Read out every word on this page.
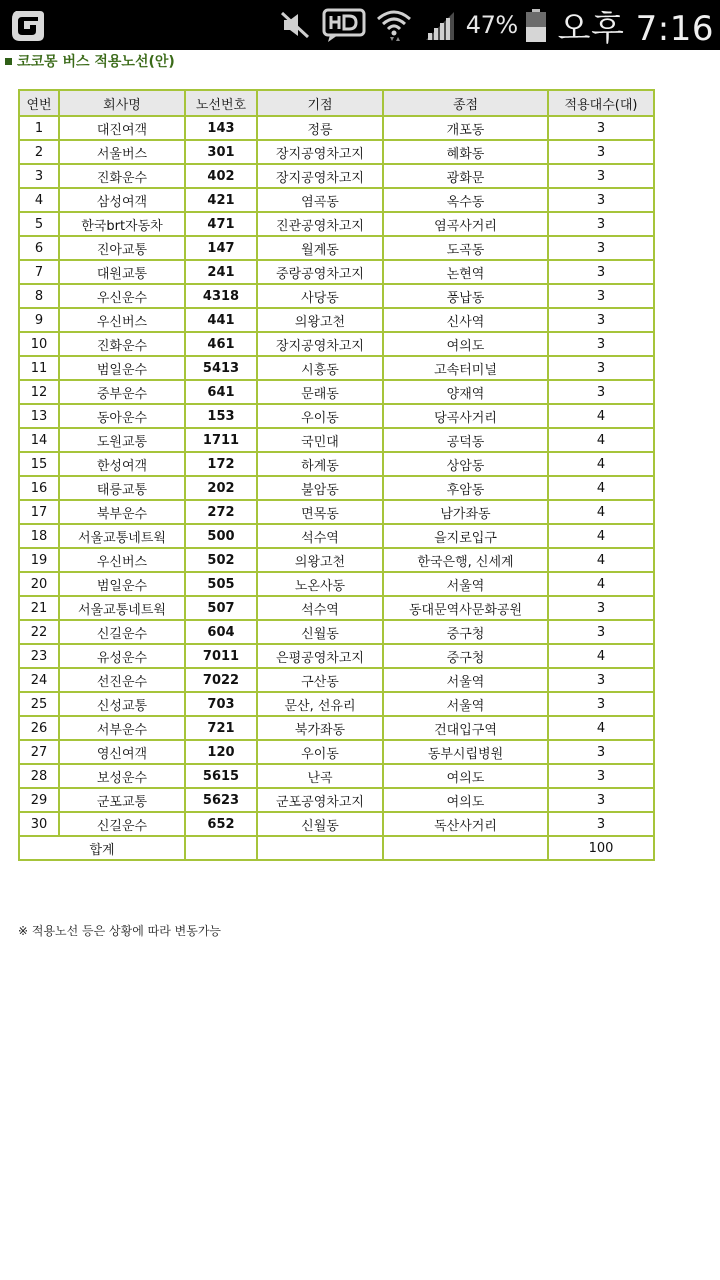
47% 오후 7:16
코코몽 버스 적용노선(안)
연번	회사명	노선번호	기점	종점	적용대수(대)
1	대진여객	143	정릉	개포동	3
2	서울버스	301	장지공영차고지	혜화동	3
3	진화운수	402	장지공영차고지	광화문	3
4	삼성여객	421	염곡동	옥수동	3
5	한국brt자동차	471	진관공영차고지	염곡사거리	3
6	진아교통	147	월계동	도곡동	3
7	대원교통	241	중랑공영차고지	논현역	3
8	우신운수	4318	사당동	풍납동	3
9	우신버스	441	의왕고천	신사역	3
10	진화운수	461	장지공영차고지	여의도	3
11	범일운수	5413	시흥동	고속터미널	3
12	중부운수	641	문래동	양재역	3
13	동아운수	153	우이동	당곡사거리	4
14	도원교통	1711	국민대	공덕동	4
15	한성여객	172	하계동	상암동	4
16	태릉교통	202	불암동	후암동	4
17	북부운수	272	면목동	남가좌동	4
18	서울교통네트웍	500	석수역	을지로입구	4
19	우신버스	502	의왕고천	한국은행, 신세계	4
20	범일운수	505	노온사동	서울역	4
21	서울교통네트웍	507	석수역	동대문역사문화공원	3
22	신길운수	604	신월동	중구청	3
23	유성운수	7011	은평공영차고지	중구청	4
24	선진운수	7022	구산동	서울역	3
25	신성교통	703	문산, 선유리	서울역	3
26	서부운수	721	북가좌동	건대입구역	4
27	영신여객	120	우이동	동부시립병원	3
28	보성운수	5615	난곡	여의도	3
29	군포교통	5623	군포공영차고지	여의도	3
30	신길운수	652	신월동	독산사거리	3
합계					100
※ 적용노선 등은 상황에 따라 변동가능
